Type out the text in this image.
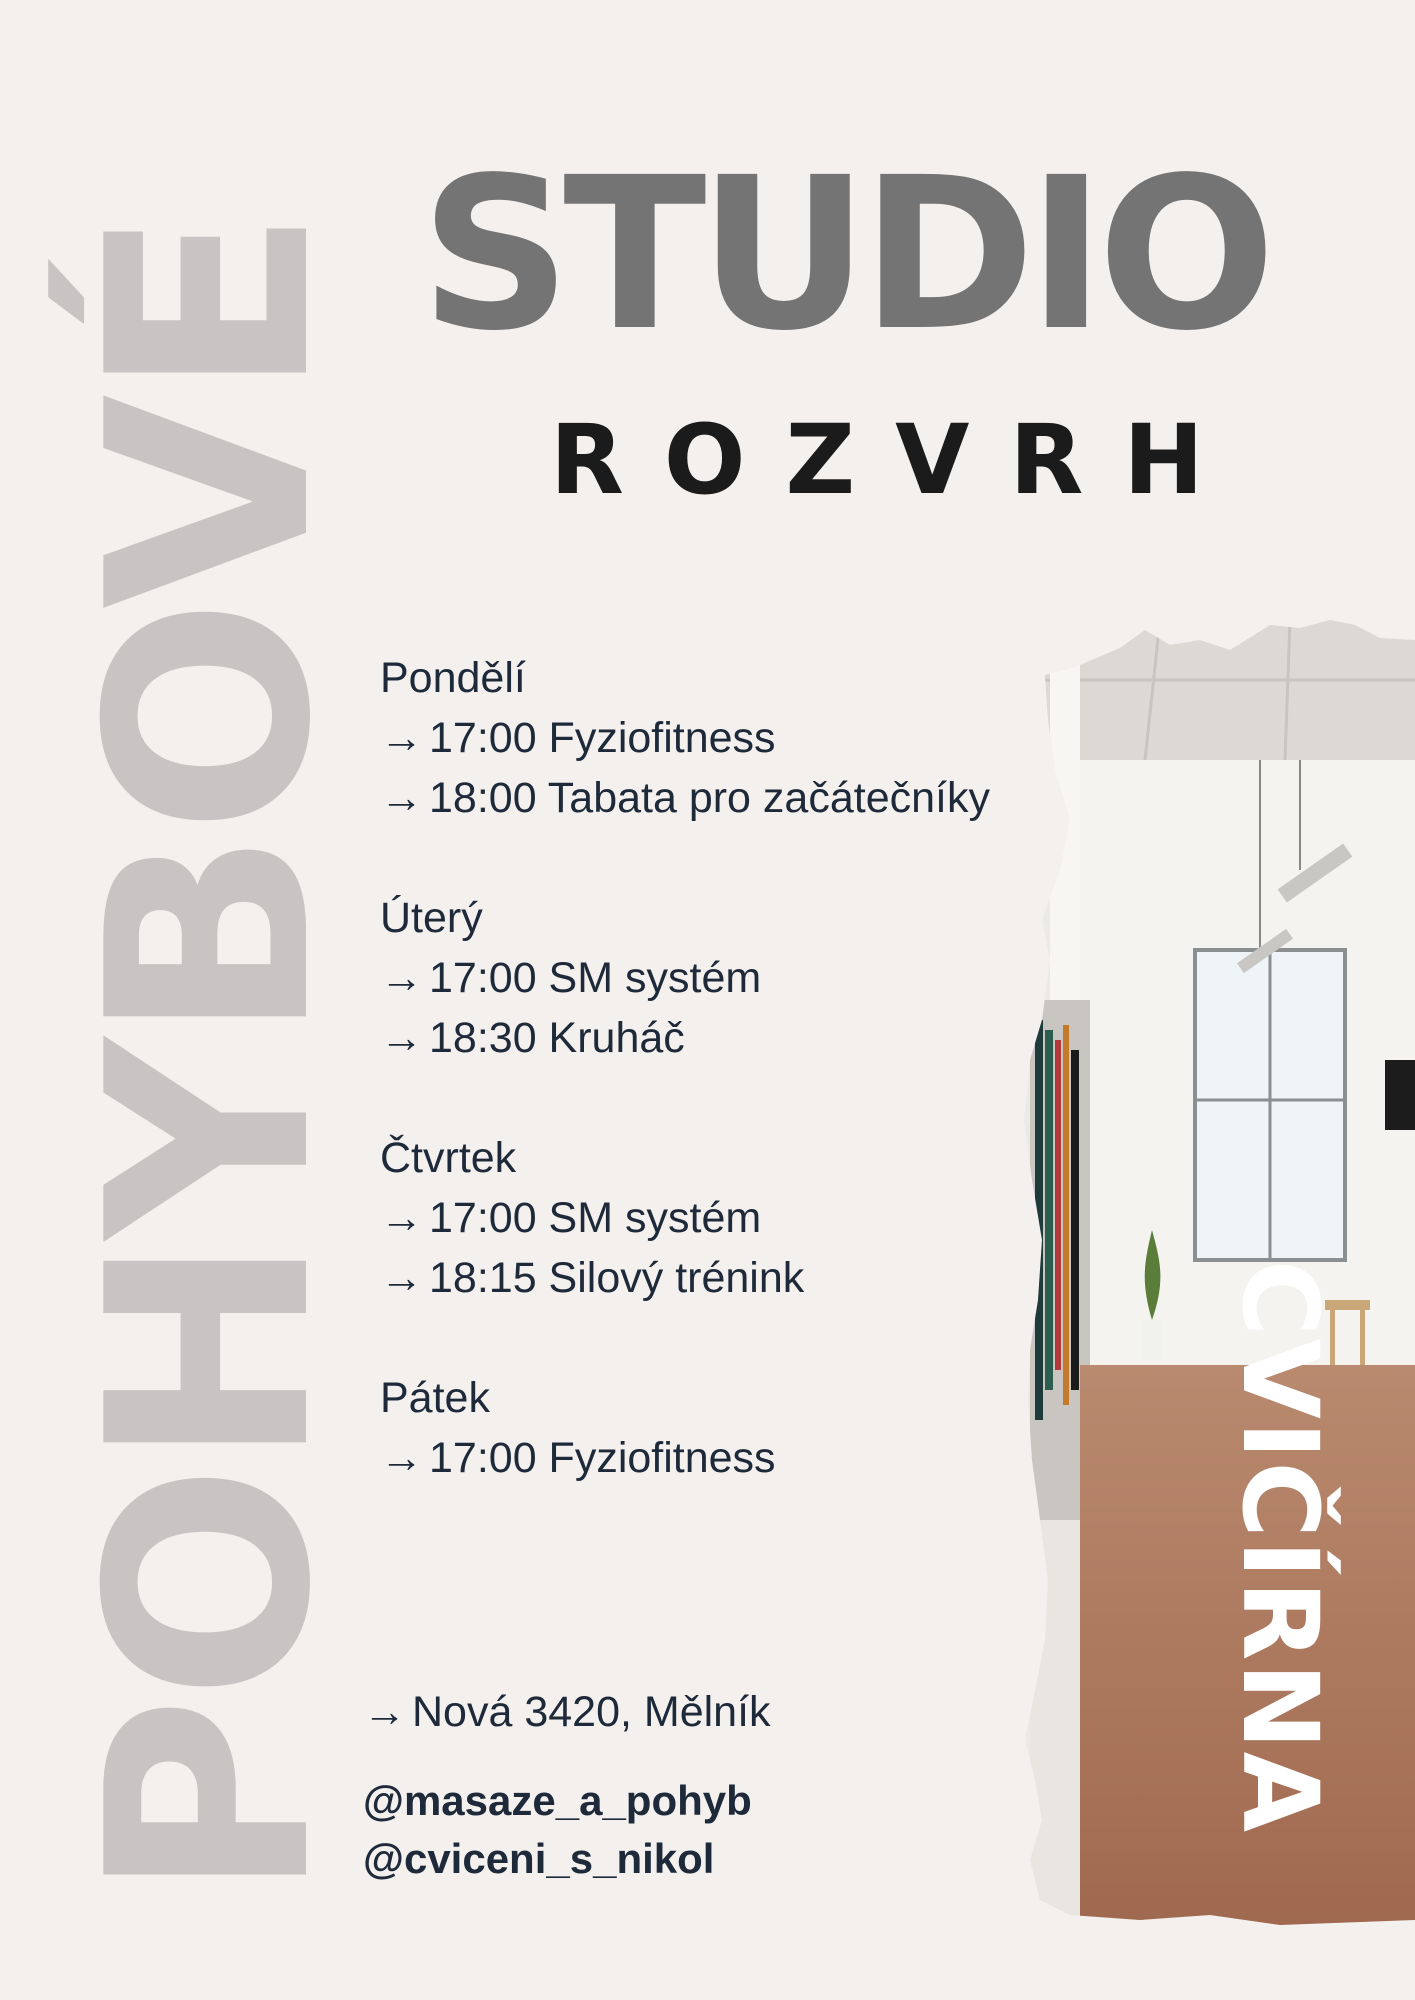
POHYBOVÉ STUDIO
ROZVRH
Pondělí
→ 17:00 Fyziofitness
→ 18:00 Tabata pro začátečníky
Úterý
→ 17:00 SM systém
→ 18:30 Kruháč
Čtvrtek
→ 17:00 SM systém
→ 18:15 Silový trénink
Pátek
→ 17:00 Fyziofitness
→ Nová 3420, Mělník
@masaze_a_pohyb
@cviceni_s_nikol
CVIČÍRNA
